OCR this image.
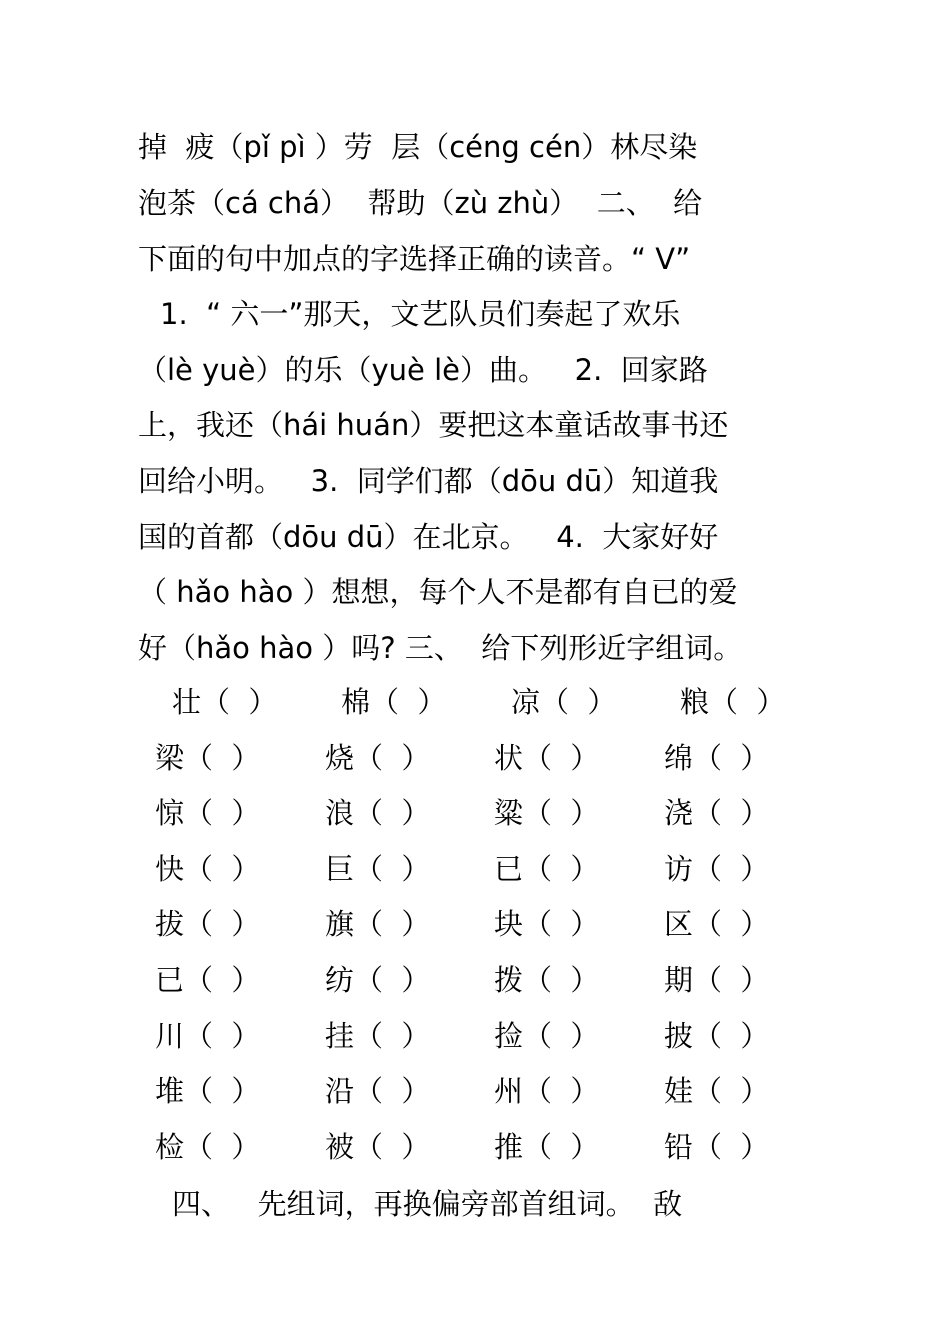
掉  疲（pǐ pì ）劳  层（céng cén）林尽染
泡茶（cá chá）  帮助（zù zhù）  二、  给
下面的句中加点的字选择正确的读音。“ V”
1.  “ 六一”那天，文艺队员们奏起了欢乐
（lè yuè）的乐（yuè lè）曲。   2.  回家路
上，我还（hái huán）要把这本童话故事书还
回给小明。   3.  同学们都（dōu dū）知道我
国的首都（dōu dū）在北京。   4.  大家好好
（ hǎo hào ）想想，每个人不是都有自已的爱
好（hǎo hào ）吗? 三、  给下列形近字组词。
壮（  ） 棉（  ） 凉（  ） 粮（  ）
梁（  ） 烧（  ） 状（  ） 绵（  ）
惊（  ） 浪（  ） 粱（  ） 浇（  ）
快（  ） 巨（  ） 已（  ） 访（  ）
拔（  ） 旗（  ） 块（  ） 区（  ）
已（  ） 纺（  ） 拨（  ） 期（  ）
川（  ） 挂（  ） 捡（  ） 披（  ）
堆（  ） 沿（  ） 州（  ） 娃（  ）
检（  ） 被（  ） 推（  ） 铅（  ）
四、   先组词，再换偏旁部首组词。  敌
